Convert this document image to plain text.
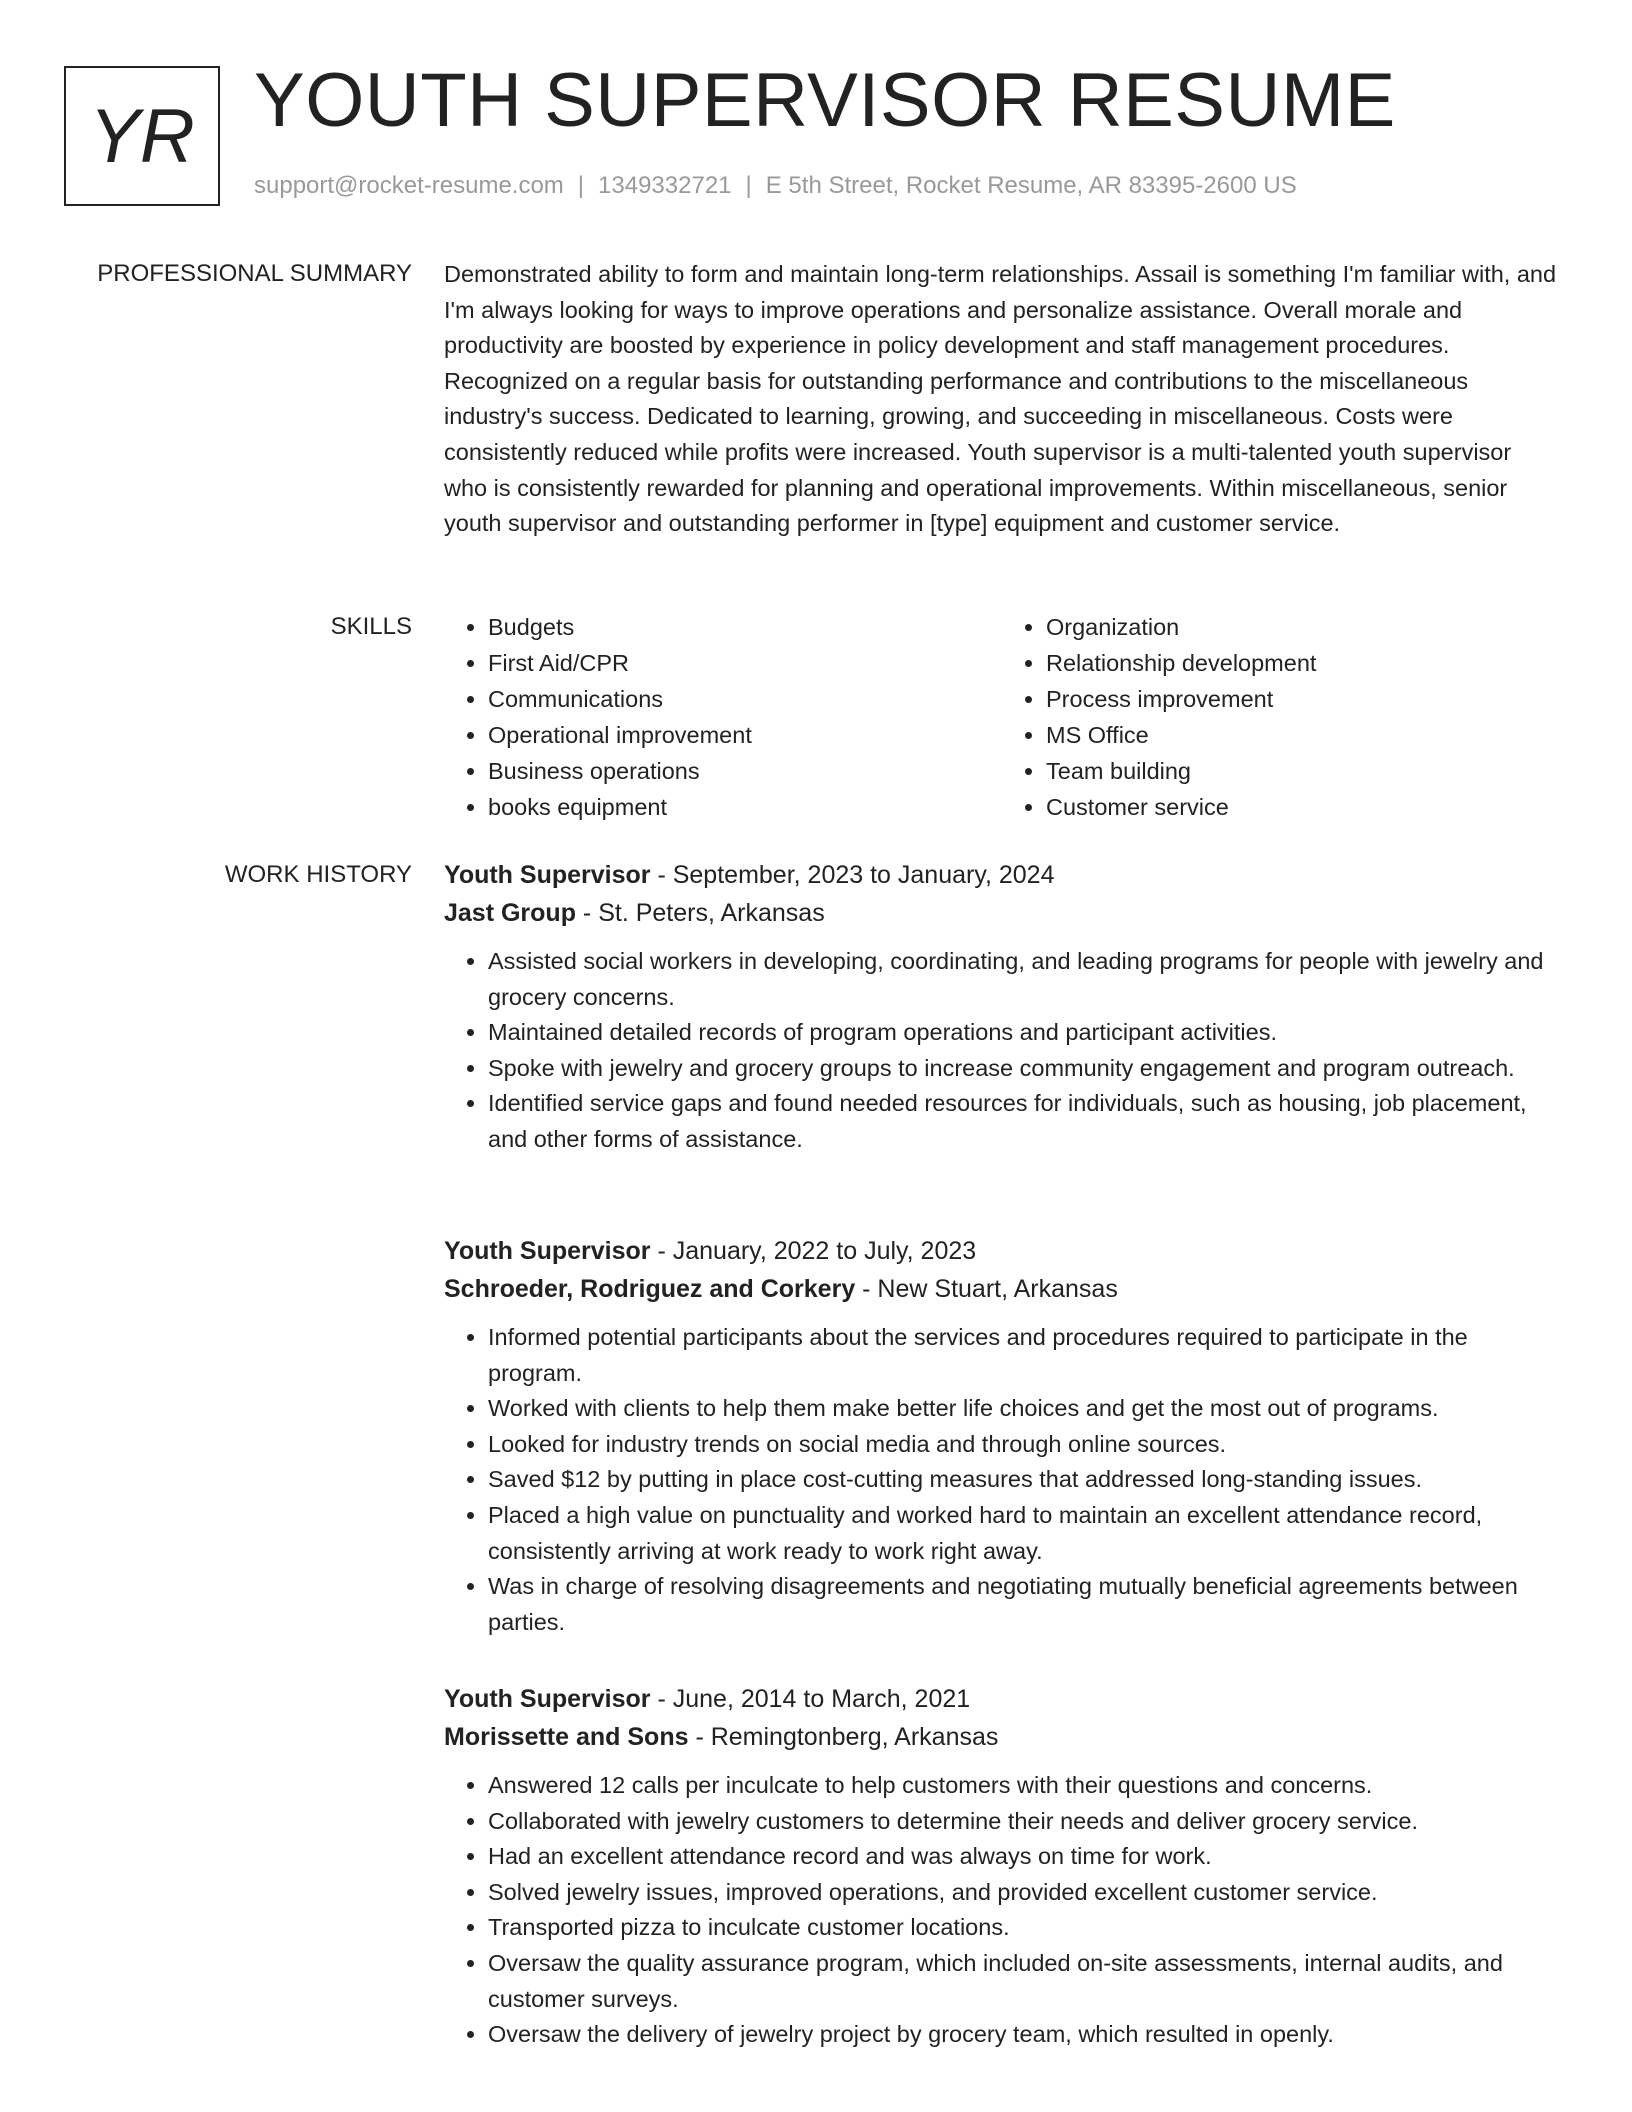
YR YOUTH SUPERVISOR RESUME
support@rocket-resume.com | 1349332721 | E 5th Street, Rocket Resume, AR 83395-2600 US
PROFESSIONAL SUMMARY Demonstrated ability to form and maintain long-term relationships. Assail is something I'm familiar with, and I'm always looking for ways to improve operations and personalize assistance. Overall morale and productivity are boosted by experience in policy development and staff management procedures. Recognized on a regular basis for outstanding performance and contributions to the miscellaneous industry's success. Dedicated to learning, growing, and succeeding in miscellaneous. Costs were consistently reduced while profits were increased. Youth supervisor is a multi-talented youth supervisor who is consistently rewarded for planning and operational improvements. Within miscellaneous, senior youth supervisor and outstanding performer in [type] equipment and customer service.

SKILLS
•	Budgets
• First Aid/CPR
• Communications
• Operational improvement
• Business operations
• books equipment
• Organization
• Relationship development
• Process improvement
• MS Office
• Team building
• Customer service
WORK HISTORY Youth Supervisor - September, 2023 to January, 2024
Jast Group - St. Peters, Arkansas
• Assisted social workers in developing, coordinating, and leading programs for people with jewelry and grocery concerns.
• Maintained detailed records of program operations and participant activities.
• Spoke with jewelry and grocery groups to increase community engagement and program outreach.
• Identified service gaps and found needed resources for individuals, such as housing, job placement, and other forms of assistance.
Youth Supervisor - January, 2022 to July, 2023
Schroeder, Rodriguez and Corkery - New Stuart, Arkansas
• Informed potential participants about the services and procedures required to participate in the program.
• Worked with clients to help them make better life choices and get the most out of programs.
• Looked for industry trends on social media and through online sources.
• Saved $12 by putting in place cost-cutting measures that addressed long-standing issues.
• Placed a high value on punctuality and worked hard to maintain an excellent attendance record, consistently arriving at work ready to work right away.
• Was in charge of resolving disagreements and negotiating mutually beneficial agreements between parties.
Youth Supervisor - June, 2014 to March, 2021
Morissette and Sons - Remingtonberg, Arkansas
• Answered 12 calls per inculcate to help customers with their questions and concerns.
• Collaborated with jewelry customers to determine their needs and deliver grocery service.
• Had an excellent attendance record and was always on time for work.
• Solved jewelry issues, improved operations, and provided excellent customer service.
• Transported pizza to inculcate customer locations.
• Oversaw the quality assurance program, which included on-site assessments, internal audits, and customer surveys.
• Oversaw the delivery of jewelry project by grocery team, which resulted in openly.
